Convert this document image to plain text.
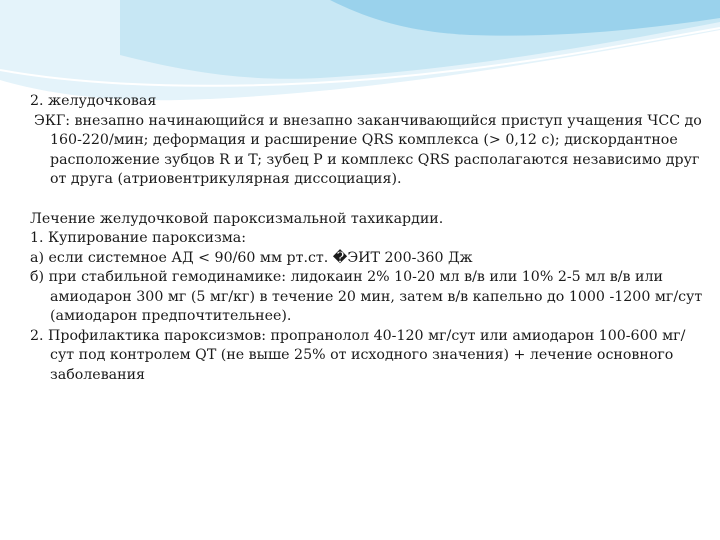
2. желудочковая

ЭКГ: внезапно начинающийся и внезапно заканчивающийся приступ учащения ЧСС до 160-220/мин; деформация и расширение QRS комплекса (> 0,12 с); дискордантное расположение зубцов R и T; зубец P и комплекс QRS располагаются независимо друг от друга (атриовентрикулярная диссоциация).

Лечение желудочковой пароксизмальной тахикардии.

1. Купирование пароксизма:

а) если системное АД < 90/60 мм рт.ст. �ЭИТ 200-360 Дж

б) при стабильной гемодинамике: лидокаин 2% 10-20 мл в/в или 10% 2-5 мл в/в или амиодарон 300 мг (5 мг/кг) в течение 20 мин, затем в/в капельно до 1000 -1200 мг/сут (амиодарон предпочтительнее).

2. Профилактика пароксизмов: пропранолол 40-120 мг/сут или амиодарон 100-600 мг/сут под контролем QT (не выше 25% от исходного значения) + лечение основного заболевания
